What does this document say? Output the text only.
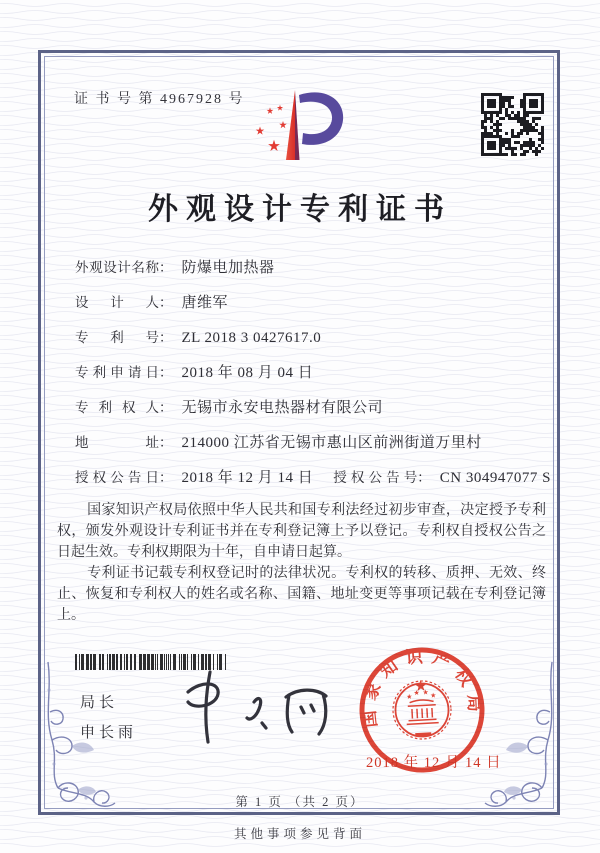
证 书 号 第 4967928 号
外观设计专利证书
外观设计名称 ： 防爆电加热器
设计人 ： 唐维军
专利号 ： ZL 2018 3 0427617.0
专利申请日 ： 2018 年 08 月 04 日
专利权人 ： 无锡市永安电热器材有限公司
地址 ： 214000 江苏省无锡市惠山区前洲街道万里村
授权公告日 ： 2018 年 12 月 14 日 授权公告号 ： CN 304947077 S

国家知识产权局依照中华人民共和国专利法经过初步审查，决定授予专利权，颁发外观设计专利证书并在专利登记簿上予以登记。专利权自授权公告之日起生效。专利权期限为十年，自申请日起算。

专利证书记载专利权登记时的法律状况。专利权的转移、质押、无效、终止、恢复和专利权人的姓名或名称、国籍、地址变更等事项记载在专利登记簿上。

局长
申长雨
国家知识产权局
2018 年 12 月 14 日
第 1 页 （共 2 页）
其他事项参见背面
